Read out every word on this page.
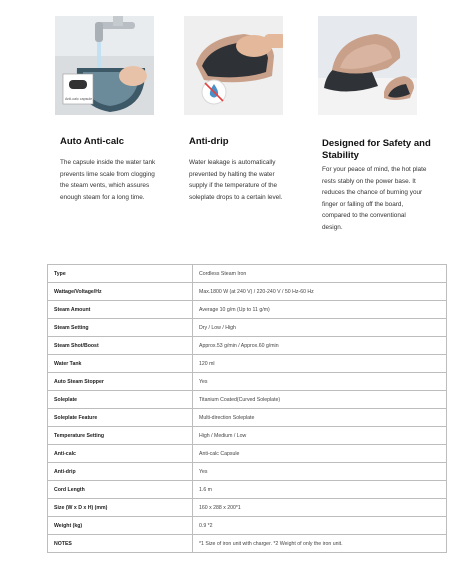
Anti-calc capsule
Auto Anti-calc

The capsule inside the water tank prevents lime scale from clogging the steam vents, which assures enough steam for a long time.

Anti-drip

Water leakage is automatically prevented by halting the water supply if the temperature of the soleplate drops to a certain level.

Designed for Safety and Stability

For your peace of mind, the hot plate rests stably on the power base. It reduces the chance of burning your finger or falling off the board, compared to the conventional design.

Type	Cordless Steam Iron
Wattage/Voltage/Hz	Max.1800 W (at 240 V) / 220-240 V / 50 Hz-60 Hz
Steam Amount	Average 10 g/m (Up to 11 g/m)
Steam Setting	Dry / Low / High
Steam Shot/Boost	Approx.53 g/min / Approx.60 g/min
Water Tank	120 ml
Auto Steam Stopper	Yes
Soleplate	Titanium Coated(Curved Soleplate)
Soleplate Feature	Multi-direction Soleplate
Temperature Setting	High / Medium / Low
Anti-calc	Anti-calc Capsule
Anti-drip	Yes
Cord Length	1.6 m
Size (W x D x H) (mm)	160 x 288 x 200*1
Weight (kg)	0.9 *2
NOTES	*1 Size of iron unit with charger. *2 Weight of only the iron unit.
